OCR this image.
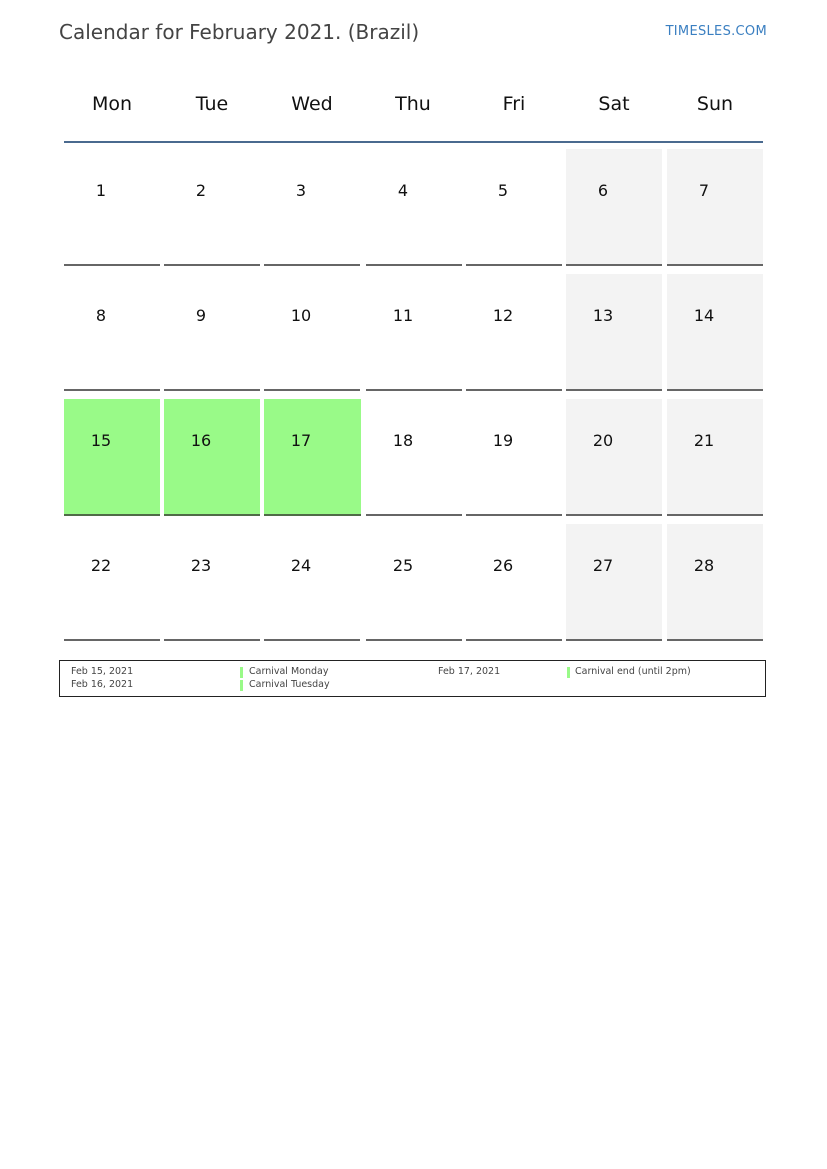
Calendar for February 2021. (Brazil)	TIMESLES.COM
Mon	Tue	Wed	Thu	Fri	Sat	Sun
1	2	3	4	5	6	7
8	9	10	11	12	13	14
15	16	17	18	19	20	21
22	23	24	25	26	27	28
Feb 15, 2021	Carnival Monday
Feb 16, 2021	Carnival Tuesday
Feb 17, 2021	Carnival end (until 2pm)
